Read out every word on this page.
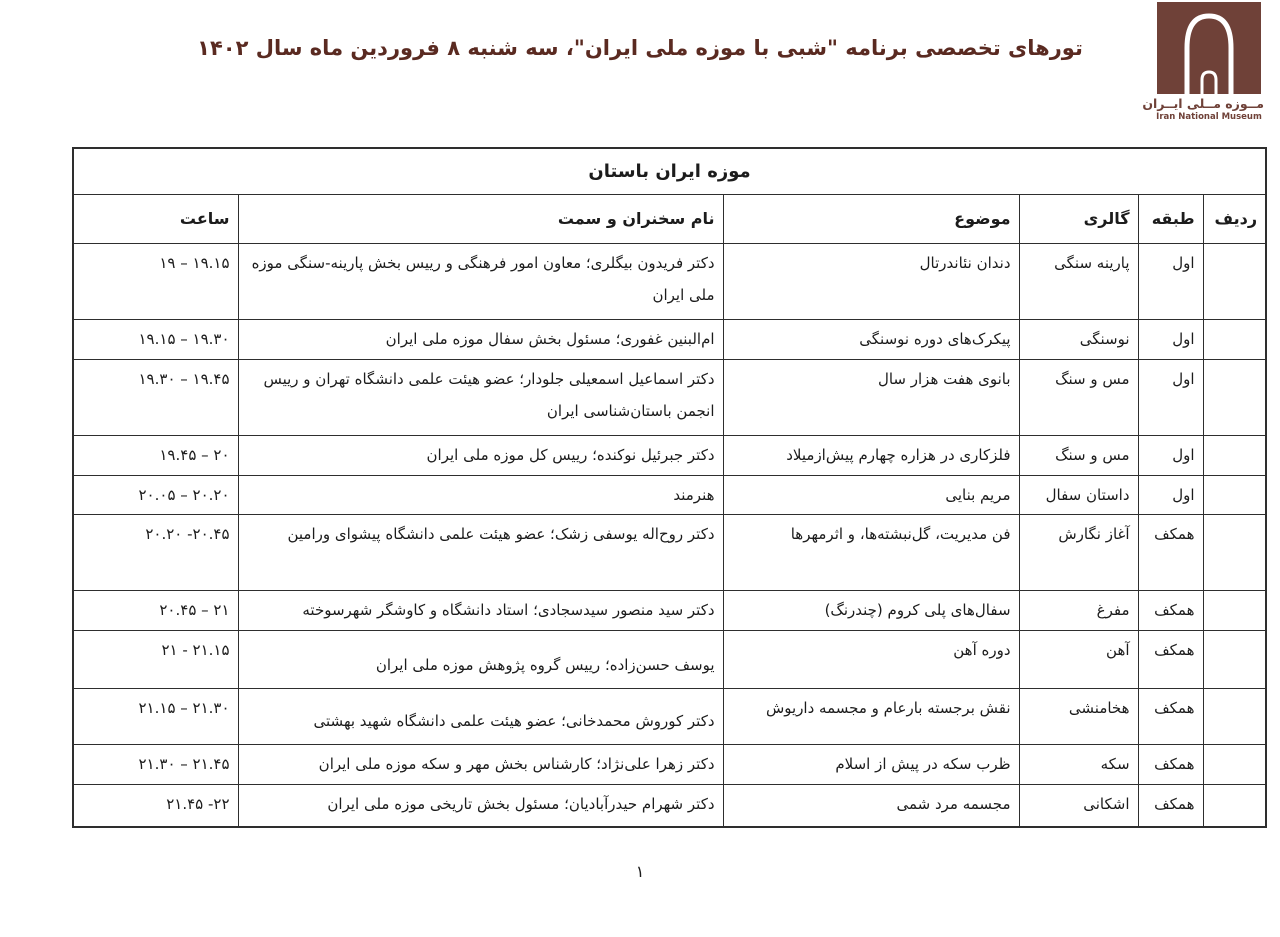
تورهای تخصصی برنامه "شبی با موزه ملی ایران"، سه شنبه ۸ فروردین ماه سال ۱۴۰۲
مــوزه مــلی ایــران
Iran National Museum
موزه ایران باستان					
ردیف	طبقه	گالری	موضوع	نام سخنران و سمت	ساعت
	اول	پارینه سنگی	دندان نئاندرتال	دکتر فریدون بیگلری؛ معاون امور فرهنگی و رییس بخش پارینه-سنگی موزه ملی ایران	۱۹ – ۱۹.۱۵
	اول	نوسنگی	پیکرک‌های دوره نوسنگی	ام‌البنین غفوری؛ مسئول بخش سفال موزه ملی ایران	۱۹.۱۵ – ۱۹.۳۰
	اول	مس و سنگ	بانوی هفت هزار سال	دکتر اسماعیل اسمعیلی جلودار؛ عضو هیئت علمی دانشگاه تهران و رییس انجمن باستان‌شناسی ایران	۱۹.۳۰ – ۱۹.۴۵
	اول	مس و سنگ	فلزکاری در هزاره چهارم پیش‌ازمیلاد	دکتر جبرئیل نوکنده؛ رییس کل موزه ملی ایران	۱۹.۴۵ – ۲۰
	اول	داستان سفال	مریم بنایی	هنرمند	۲۰.۰۵ – ۲۰.۲۰
	همکف	آغاز نگارش	فن مدیریت، گل‌نبشته‌ها، و اثرمهرها	دکتر روح‌اله یوسفی زشک؛ عضو هیئت علمی دانشگاه پیشوای ورامین	۲۰.۲۰ -۲۰.۴۵
	همکف	مفرغ	سفال‌های پلی کروم (چندرنگ)	دکتر سید منصور سیدسجادی؛ استاد دانشگاه و کاوشگر شهرسوخته	۲۰.۴۵ – ۲۱
	همکف	آهن	دوره آهن	یوسف حسن‌زاده؛ رییس گروه پژوهش موزه ملی ایران	۲۱ - ۲۱.۱۵
	همکف	هخامنشی	نقش برجسته بارعام و مجسمه داریوش	دکتر کوروش محمدخانی؛ عضو هیئت علمی دانشگاه شهید بهشتی	۲۱.۱۵ – ۲۱.۳۰
	همکف	سکه	ظرب سکه در پیش از اسلام	دکتر زهرا علی‌نژاد؛ کارشناس بخش مهر و سکه موزه ملی ایران	۲۱.۳۰ – ۲۱.۴۵
	همکف	اشکانی	مجسمه مرد شمی	دکتر شهرام حیدرآبادیان؛ مسئول بخش تاریخی موزه ملی ایران	۲۱.۴۵ -۲۲
۱
